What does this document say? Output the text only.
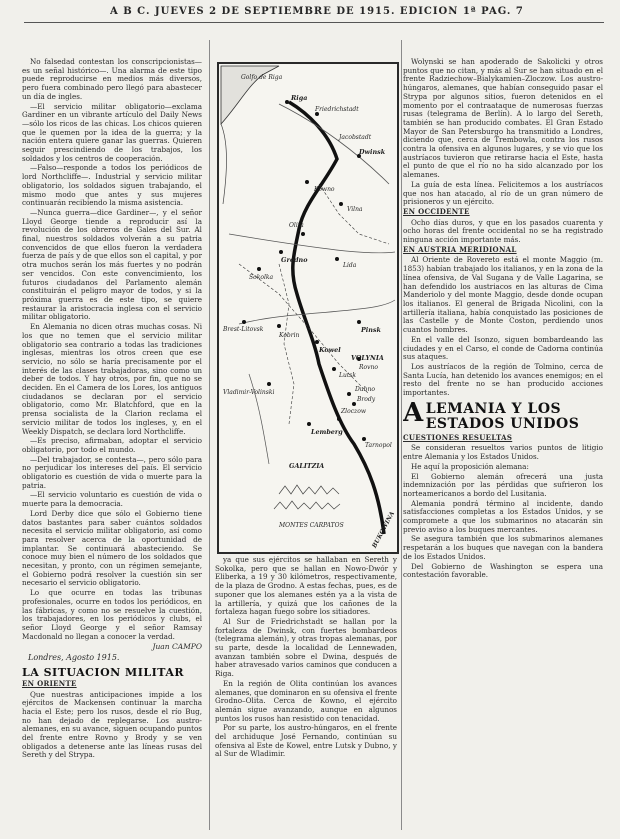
A B C. JUEVES 2 DE SEPTIEMBRE DE 1915. EDICION 1ª PAG. 7

No falsedad contestan los conscripcionistas—es un señal histórico—. Una alarma de este tipo puede reproducirse en medios más diversos, pero fuera combinado pero llegó para abastecer un día de ingles.

—El servicio militar obligatorio—exclama Gardiner en un vibrante artículo del Daily News—sólo los ricos de las chicas. Los chicos quieren que le quemen por la idea de la guerra; y la nación entera quiere ganar las guerras. Quieren seguir prescindiendo de los trabajos, los soldados y los centros de cooperación.

—Falso—responde a todos los periódicos de lord Northcliffe—. Industrial y servicio militar obligatorio, los soldados siguen trabajando, el mismo modo que antes y sus mujeres continuarán recibiendo la misma asistencia.

—Nunca guerra—dice Gardiner—, y el señor Lloyd George tiende a reproducir así la revolución de los obreros de Gales del Sur. Al final, nuestros soldados volverán a su patria convencidos de que ellos fueron la verdadera fuerza de país y de que ellos son el capital, y por otra muchos serán los más fuertes y no podrán ser vencidos. Con este convencimiento, los futuros ciudadanos del Parlamento alemán constituirán el peligro mayor de todos, y si la próxima guerra es de este tipo, se quiere restaurar la aristocracia inglesa con el servicio militar obligatorio.

En Alemania no dicen otras muchas cosas. Ni los que no temen que el servicio militar obligatorio sea contrario a todas las tradiciones inglesas, mientras los otros creen que ese servicio, no sólo se haría precisamente por el interés de las clases trabajadoras, sino como un deber de todos. Y hay otros, por fin, que no se deciden. En el Camera de los Lores, los antiguos ciudadanos se declaran por el servicio obligatorio, como Mr. Blatchford, que en la prensa socialista de la Clarion reclama el servicio militar de todos los ingleses, y, en el Weekly Dispatch, se declara lord Northcliffe.

—Es preciso, afirmaban, adoptar el servicio obligatorio, por todo el mundo.

—Del trabajador, se contesta—, pero sólo para no perjudicar los intereses del país. El servicio obligatorio es cuestión de vida o muerte para la patria.

—El servicio voluntario es cuestión de vida o muerte para la democracia.

Lord Derby dice que sólo el Gobierno tiene datos bastantes para saber cuántos soldados necesita el servicio militar obligatorio, así como para resolver acerca de la oportunidad de implantar. Se continuará abasteciendo. Se conoce muy bien el número de los soldados que necesitan, y pronto, con un régimen semejante, el Gobierno podrá resolver la cuestión sin ser necesario el servicio obligatorio.

Lo que ocurre en todas las tribunas profesionales, ocurre en todos los periódicos, en las fábricas, y como no se resuelve la cuestión, los trabajadores, en los periódicos y clubs, el señor Lloyd George y el señor Ramsay Macdonald no llegan a conocer la verdad.

Juan CAMPO
Londres, Agosto 1915.
LA SITUACION MILITAR
EN ORIENTE

Que nuestras anticipaciones impide a los ejércitos de Mackensen continuar la marcha hacia el Este; pero los rusos, desde el río Bug, no han dejado de replegarse. Los austro-alemanes, en su avance, siguen ocupando puntos del frente entre Rovno y Brody y se ven obligados a detenerse ante las líneas rusas del Sereth y del Strypa.

Golfo de Riga
Riga
Friedrichstadt
Jacobstadt
Dwinsk
Kowno
Vilna
Olita
Grodno
Sokolka
Lida
Pinsk
Brest-Litovsk
Kobrin
Kowel
VOLYNIA
Rovno
Lutsk
Dubno
Vladimir-Volinski
Lemberg
Zloczow
Tarnopol
Brody
GALITZIA
BUKOWINA
MONTES CARPATOS

ya que sus ejércitos se hallaban en Sereth y Sokolka, pero que se hallan en Nowo-Dwór y Eliberka, a 19 y 30 kilómetros, respectivamente, de la plaza de Grodno. A estas fechas, pues, es de suponer que los alemanes estén ya a la vista de la artillería, y quizá que los cañones de la fortaleza hagan fuego sobre los sitiadores.

Al Sur de Friedrichstadt se hallan por la fortaleza de Dwinsk, con fuertes bombardeos (telegrama alemán), y otras tropas alemanas, por su parte, desde la localidad de Lennewaden, avanzan también sobre el Dwina, después de haber atravesado varios caminos que conducen a Riga.

En la región de Olita continúan los avances alemanes, que dominaron en su ofensiva el frente Grodno–Olita. Cerca de Kowno, el ejército alemán sigue avanzando, aunque en algunos puntos los rusos han resistido con tenacidad.

Por su parte, los austro-húngaros, en el frente del archiduque José Fernando, continúan su ofensiva al Este de Kowel, entre Lutsk y Dubno, y al Sur de Wladimir.

Wolynski se han apoderado de Sakolicki y otros puntos que no citan, y más al Sur se han situado en el frente Radziechow–Bialykamien–Zloczow. Los austro-húngaros, alemanes, que habían conseguido pasar el Strypa por algunos sitios, fueron detenidos en el momento por el contraataque de numerosas fuerzas rusas (telegrama de Berlín). A lo largo del Sereth, también se han producido combates. El Gran Estado Mayor de San Petersburgo ha transmitido a Londres, diciendo que, cerca de Trembowla, contra los rusos contra la ofensiva en algunos lugares, y se vio que los austríacos tuvieron que retirarse hacia el Este, hasta el punto de que el río no ha sido alcanzado por los alemanes.

La guía de esta línea. Felicitemos a los austríacos que nos han atacado, al río de un gran número de prisioneros y un ejército.

EN OCCIDENTE

Ocho días duros, y que en los pasados cuarenta y ocho horas del frente occidental no se ha registrado ninguna acción importante más.

EN AUSTRIA MERIDIONAL

Al Oriente de Rovereto está el monte Maggio (m. 1853) habían trabajado los italianos, y en la zona de la línea ofensiva, de Val Sugana y de Valle Lagarina, se han defendido los austriacos en las alturas de Cima Manderiolo y del monte Maggio, desde donde ocupan los italianos. El general de Brigada Nicolini, con la artillería italiana, había conquistado las posiciones de las Castelle y de Monte Coston, perdiendo unos cuantos hombres.

En el valle del Isonzo, siguen bombardeando las ciudades y en el Carso, el conde de Cadorna continúa sus ataques.

Los austríacos de la región de Tolmino, cerca de Santa Lucía, han detenido los avances enemigos; en el resto del frente no se han producido acciones importantes.

ALEMANIA Y LOS ESTADOS UNIDOS
CUESTIONES RESUELTAS

Se consideran resueltos varios puntos de litigio entre Alemania y los Estados Unidos.

He aquí la proposición alemana:

El Gobierno alemán ofrecerá una justa indemnización por las pérdidas que sufrieron los norteamericanos a bordo del Lusitania.

Alemania pondrá término al incidente, dando satisfacciones completas a los Estados Unidos, y se compromete a que los submarinos no atacarán sin previo aviso a los buques mercantes.

Se asegura también que los submarinos alemanes respetarán a los buques que navegan con la bandera de los Estados Unidos.

Del Gobierno de Washington se espera una contestación favorable.
